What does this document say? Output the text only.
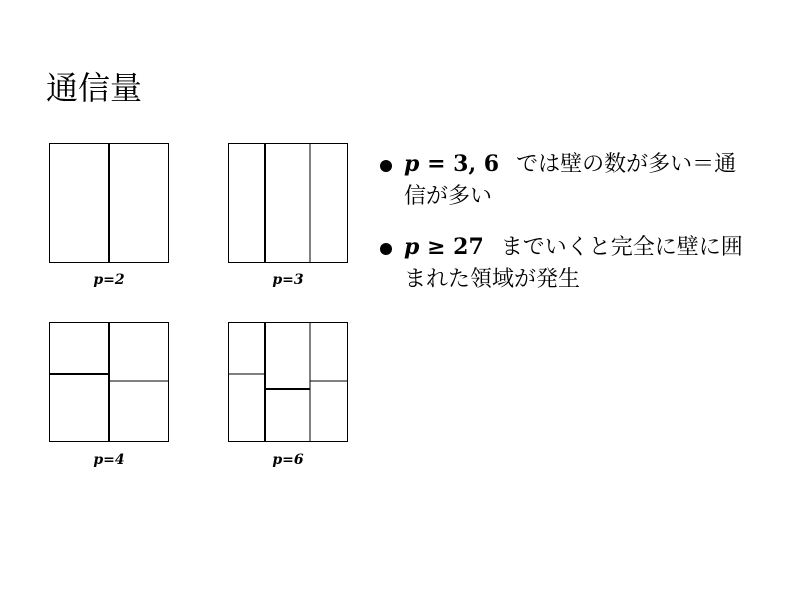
通信量
p=2	p=3
p=4	p=6
p = 3, 6 では壁の数が多い＝通信が多い
p ≥ 27 までいくと完全に壁に囲まれた領域が発生
